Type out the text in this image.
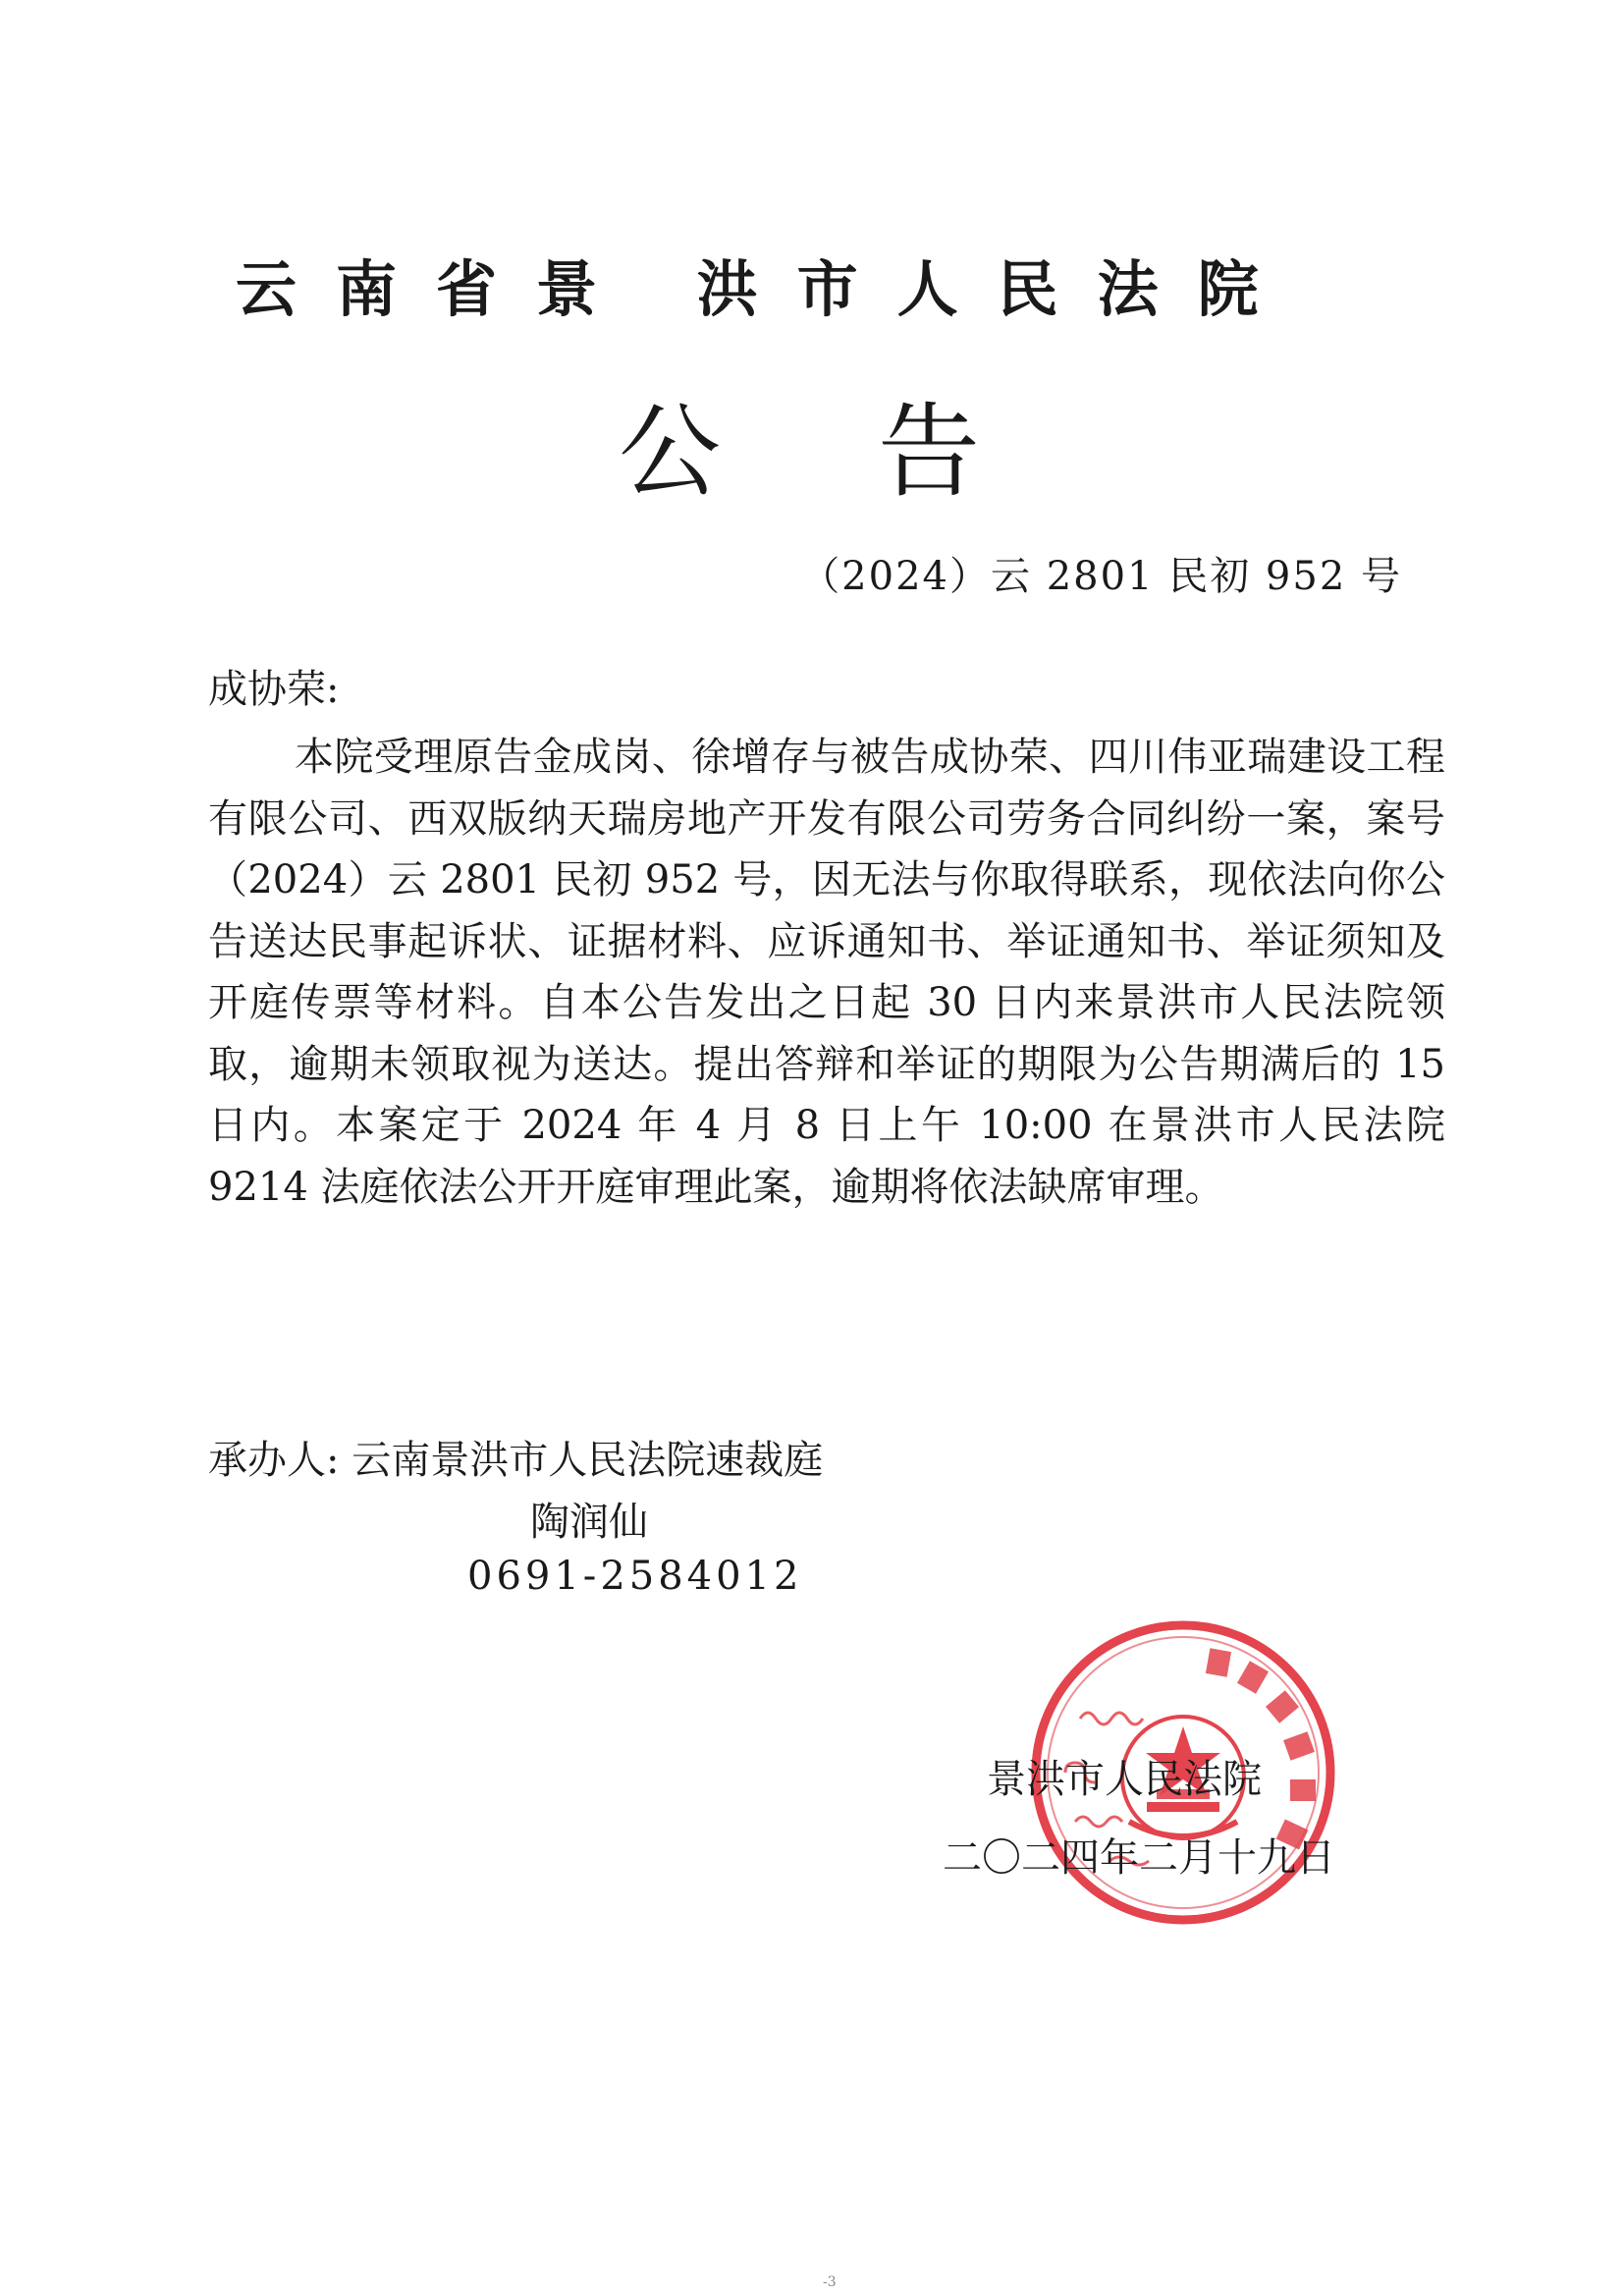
云南省景 洪市人民法院
公告
（2024）云 2801 民初 952 号
成协荣:
本院受理原告金成岗、徐增存与被告成协荣、四川伟亚瑞建设工程有限公司、西双版纳天瑞房地产开发有限公司劳务合同纠纷一案，案号（2024）云 2801 民初 952 号，因无法与你取得联系，现依法向你公告送达民事起诉状、证据材料、应诉通知书、举证通知书、举证须知及开庭传票等材料。自本公告发出之日起 30 日内来景洪市人民法院领取，逾期未领取视为送达。提出答辩和举证的期限为公告期满后的 15 日内。本案定于 2024 年 4 月 8 日上午 10:00 在景洪市人民法院 9214 法庭依法公开开庭审理此案，逾期将依法缺席审理。
承办人: 云南景洪市人民法院速裁庭
陶润仙
0691-2584012
景洪市人民法院
二〇二四年二月十九日
-3
